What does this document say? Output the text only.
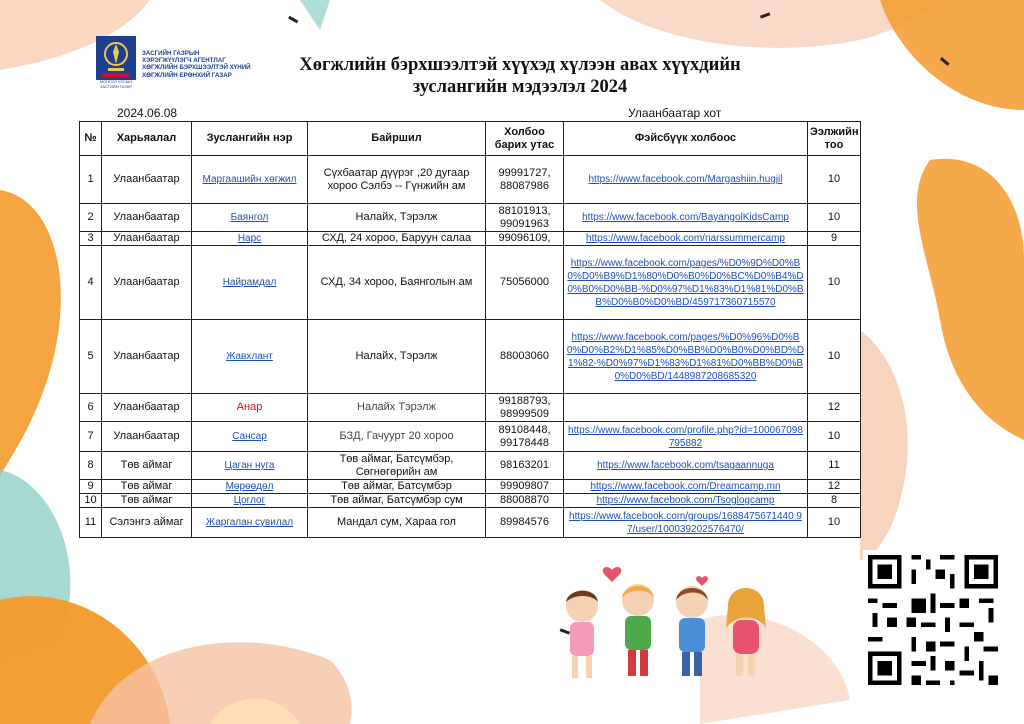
ЗАСГИЙН ГАЗРЫН
ХЭРЭГЖҮҮЛЭГЧ АГЕНТЛАГ
ХӨГЖЛИЙН БЭРХШЭЭЛТЭЙ ХҮНИЙ
ХӨГЖЛИЙН ЕРӨНХИЙ ГАЗАР
МОНГОЛ УЛСЫН
ЗАСГИЙН ГАЗАР
Хөгжлийн бэрхшээлтэй хүүхэд хүлээн авах хүүхдийн
зуслангийн мэдээлэл 2024
2024.06.08	Улаанбаатар хот
№	Харьяалал	Зуслангийн нэр	Байршил	Холбоо барих утас	Фэйсбүүк холбоос	Ээлжийн тоо
1	Улаанбаатар	Маргаашийн хөгжил	Сүхбаатар дүүрэг ,20 дугаар хороо Сэлбэ -- Гүнжийн ам	99991727, 88087986	https://www.facebook.com/Margashiin.hugjil	10
2	Улаанбаатар	Баянгол	Налайх, Тэрэлж	88101913, 99091963	https://www.facebook.com/BayangolKidsCamp	10
3	Улаанбаатар	Нарс	СХД, 24 хороо, Баруун салаа	99096109,	https://www.facebook.com/narssummercamp	9
4	Улаанбаатар	Найрамдал	СХД, 34 хороо, Баянголын ам	75056000	https://www.facebook.com/pages/%D0%9D%D0%B0%D0%B9%D1%80%D0%B0%D0%BC%D0%B4%D0%B0%D0%BB-%D0%97%D1%83%D1%81%D0%BB%D0%B0%D0%BD/459717360715570	10
5	Улаанбаатар	Жавхлант	Налайх, Тэрэлж	88003060	https://www.facebook.com/pages/%D0%96%D0%B0%D0%B2%D1%85%D0%BB%D0%B0%D0%BD%D1%82-%D0%97%D1%83%D1%81%D0%BB%D0%B0%D0%BD/1448987208685320	10
6	Улаанбаатар	Анар	Налайх Тэрэлж	99188793, 98999509		12
7	Улаанбаатар	Сансар	БЗД, Гачуурт 20 хороо	89108448, 99178448	https://www.facebook.com/profile.php?id=100067098795882	10
8	Төв аймаг	Цаган нуга	Төв аймаг, Батсүмбэр, Сөгнөгөрийн ам	98163201	https://www.facebook.com/tsagaannuga	11
9	Төв аймаг	Мөрөөдөл	Төв аймаг, Батсүмбэр	99909807	https://www.facebook.com/Dreamcamp.mn	12
10	Төв аймаг	Цоглог	Төв аймаг, Батсүмбэр сум	88008870	https://www.facebook.com/Tsoglogcamp	8
11	Сэлэнгэ аймаг	Жаргалан сувилал	Мандал сум, Хараа гол	89984576	https://www.facebook.com/groups/1688475671440 97/user/100039202576470/	10
